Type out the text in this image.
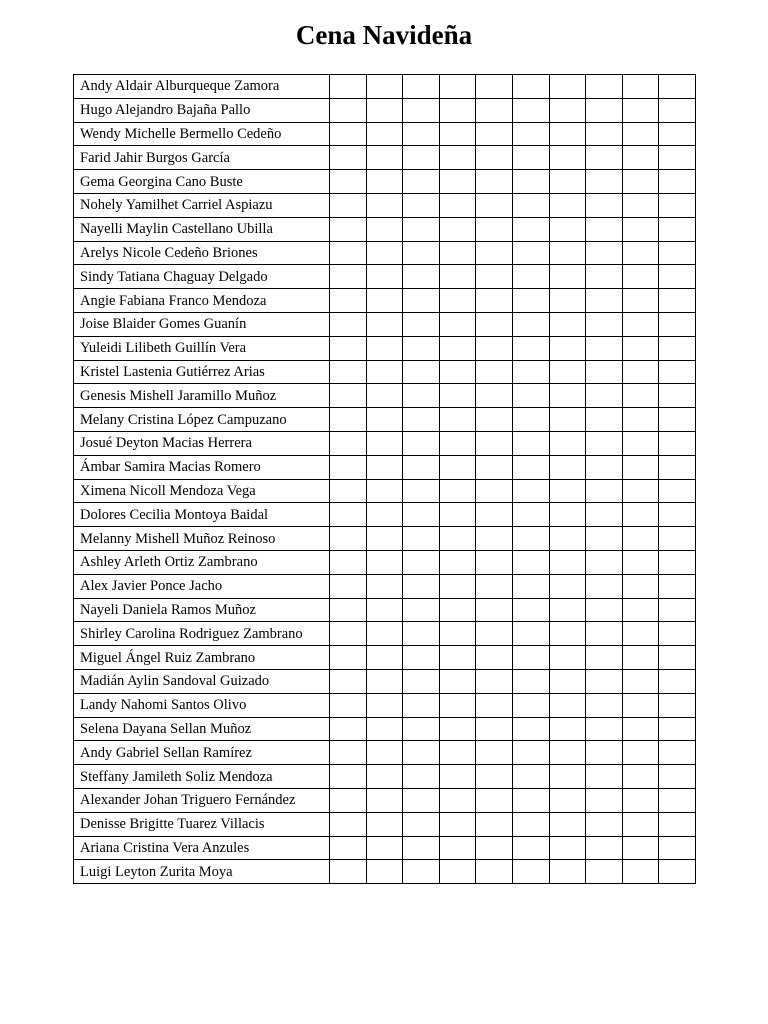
Cena Navideña
Andy Aldair Alburqueque Zamora										
Hugo Alejandro Bajaña Pallo										
Wendy Michelle Bermello Cedeño										
Farid Jahir Burgos García										
Gema Georgina Cano Buste										
Nohely Yamilhet Carriel Aspiazu										
Nayelli Maylin Castellano Ubilla										
Arelys Nicole Cedeño Briones										
Sindy Tatiana Chaguay Delgado										
Angie Fabiana Franco Mendoza										
Joise Blaider Gomes Guanín										
Yuleidi Lilibeth Guillín Vera										
Kristel Lastenia Gutiérrez Arias										
Genesis Mishell Jaramillo Muñoz										
Melany Cristina López Campuzano										
Josué Deyton Macias Herrera										
Ámbar Samira Macias Romero										
Ximena Nicoll Mendoza Vega										
Dolores Cecilia Montoya Baidal										
Melanny Mishell Muñoz Reinoso										
Ashley Arleth Ortiz Zambrano										
Alex Javier Ponce Jacho										
Nayeli Daniela Ramos Muñoz										
Shirley Carolina Rodriguez Zambrano										
Miguel Ángel Ruiz Zambrano										
Madián Aylin Sandoval Guizado										
Landy Nahomi Santos Olivo										
Selena Dayana Sellan Muñoz										
Andy Gabriel Sellan Ramírez										
Steffany Jamileth Soliz Mendoza										
Alexander Johan Triguero Fernández										
Denisse Brigitte Tuarez Villacis										
Ariana Cristina Vera Anzules										
Luigi Leyton Zurita Moya										
